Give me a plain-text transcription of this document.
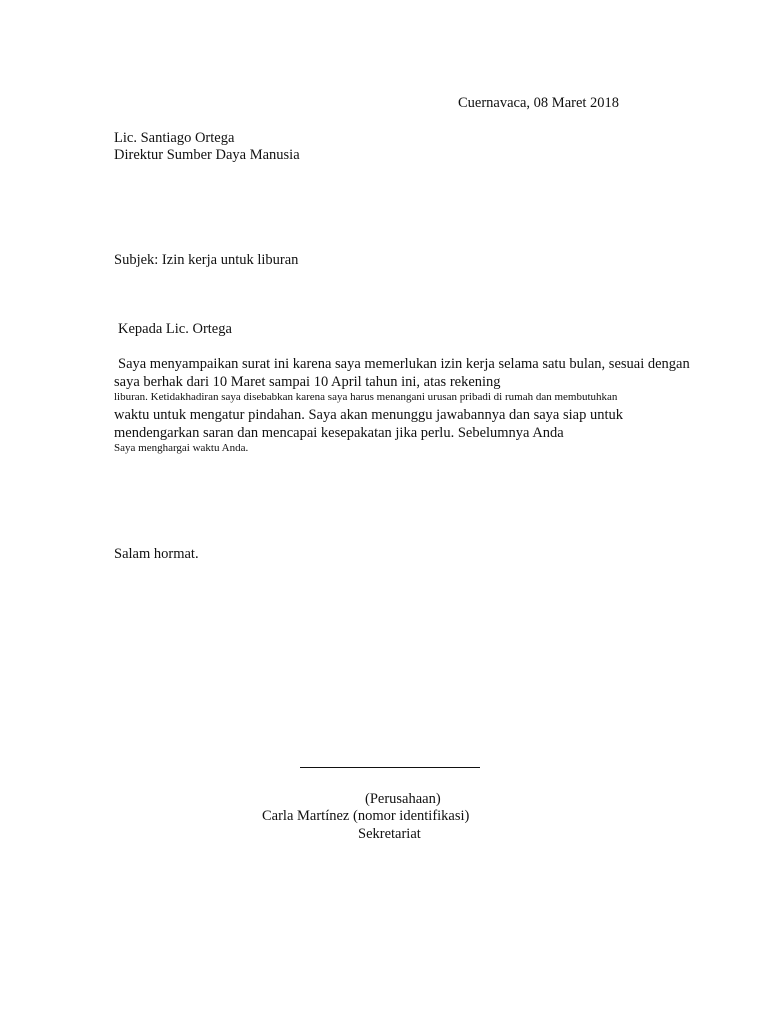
Cuernavaca, 08 Maret 2018
Lic. Santiago Ortega
Direktur Sumber Daya Manusia
Subjek: Izin kerja untuk liburan
Kepada Lic. Ortega
Saya menyampaikan surat ini karena saya memerlukan izin kerja selama satu bulan, sesuai dengan
saya berhak dari 10 Maret sampai 10 April tahun ini, atas rekening
liburan. Ketidakhadiran saya disebabkan karena saya harus menangani urusan pribadi di rumah dan membutuhkan
waktu untuk mengatur pindahan. Saya akan menunggu jawabannya dan saya siap untuk
mendengarkan saran dan mencapai kesepakatan jika perlu. Sebelumnya Anda
Saya menghargai waktu Anda.
Salam hormat.
(Perusahaan)
Carla Martínez (nomor identifikasi)
Sekretariat
